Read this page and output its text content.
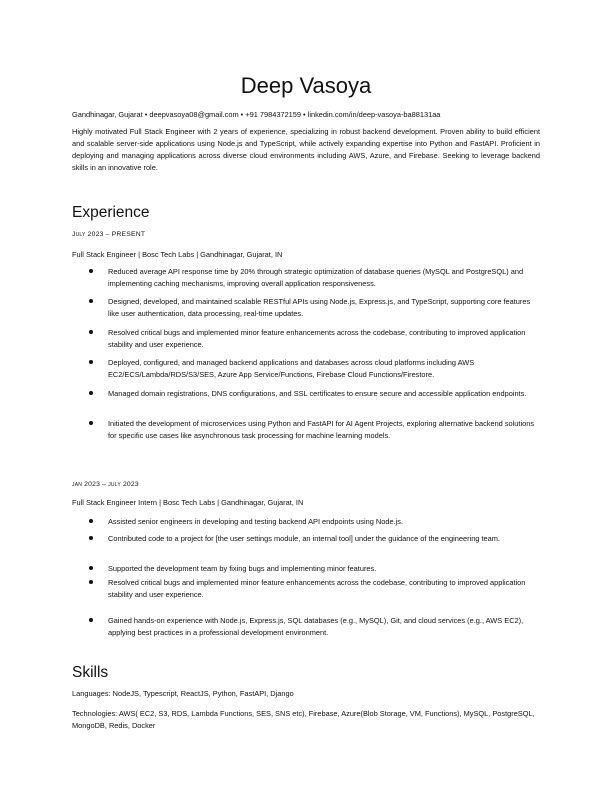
Deep Vasoya
Gandhinagar, Gujarat • deepvasoya08@gmail.com • +91 7984372159 • linkedin.com/in/deep-vasoya-ba88131aa
Highly motivated Full Stack Engineer with 2 years of experience, specializing in robust backend development. Proven ability to build efficient and scalable server-side applications using Node.js and TypeScript, while actively expanding expertise into Python and FastAPI. Proficient in deploying and managing applications across diverse cloud environments including AWS, Azure, and Firebase. Seeking to leverage backend skills in an innovative role.
Experience
July 2023 – PRESENT
Full Stack Engineer | Bosc Tech Labs | Gandhinagar, Gujarat, IN
Reduced average API response time by 20% through strategic optimization of database queries (MySQL and PostgreSQL) and implementing caching mechanisms, improving overall application responsiveness.
Designed, developed, and maintained scalable RESTful APIs using Node.js, Express.js, and TypeScript, supporting core features like user authentication, data processing, real-time updates.
Resolved critical bugs and implemented minor feature enhancements across the codebase, contributing to improved application stability and user experience.
Deployed, configured, and managed backend applications and databases across cloud platforms including AWS EC2/ECS/Lambda/RDS/S3/SES, Azure App Service/Functions, Firebase Cloud Functions/Firestore.
Managed domain registrations, DNS configurations, and SSL certificates to ensure secure and accessible application endpoints.
Initiated the development of microservices using Python and FastAPI for AI Agent Projects, exploring alternative backend solutions for specific use cases like asynchronous task processing for machine learning models.
jan 2023 – july 2023
Full Stack Engineer Intern | Bosc Tech Labs | Gandhinagar, Gujarat, IN
Assisted senior engineers in developing and testing backend API endpoints using Node.js.
Contributed code to a project for [the user settings module, an internal tool] under the guidance of the engineering team.
Supported the development team by fixing bugs and implementing minor features.
Resolved critical bugs and implemented minor feature enhancements across the codebase, contributing to improved application stability and user experience.
Gained hands-on experience with Node.js, Express.js, SQL databases (e.g., MySQL), Git, and cloud services (e.g., AWS EC2), applying best practices in a professional development environment.
Skills
Languages: NodeJS, Typescript, ReactJS, Python, FastAPI, Django
Technologies: AWS( EC2, S3, RDS, Lambda Functions, SES, SNS etc), Firebase, Azure(Blob Storage, VM, Functions), MySQL, PostgreSQL, MongoDB, Redis, Docker
